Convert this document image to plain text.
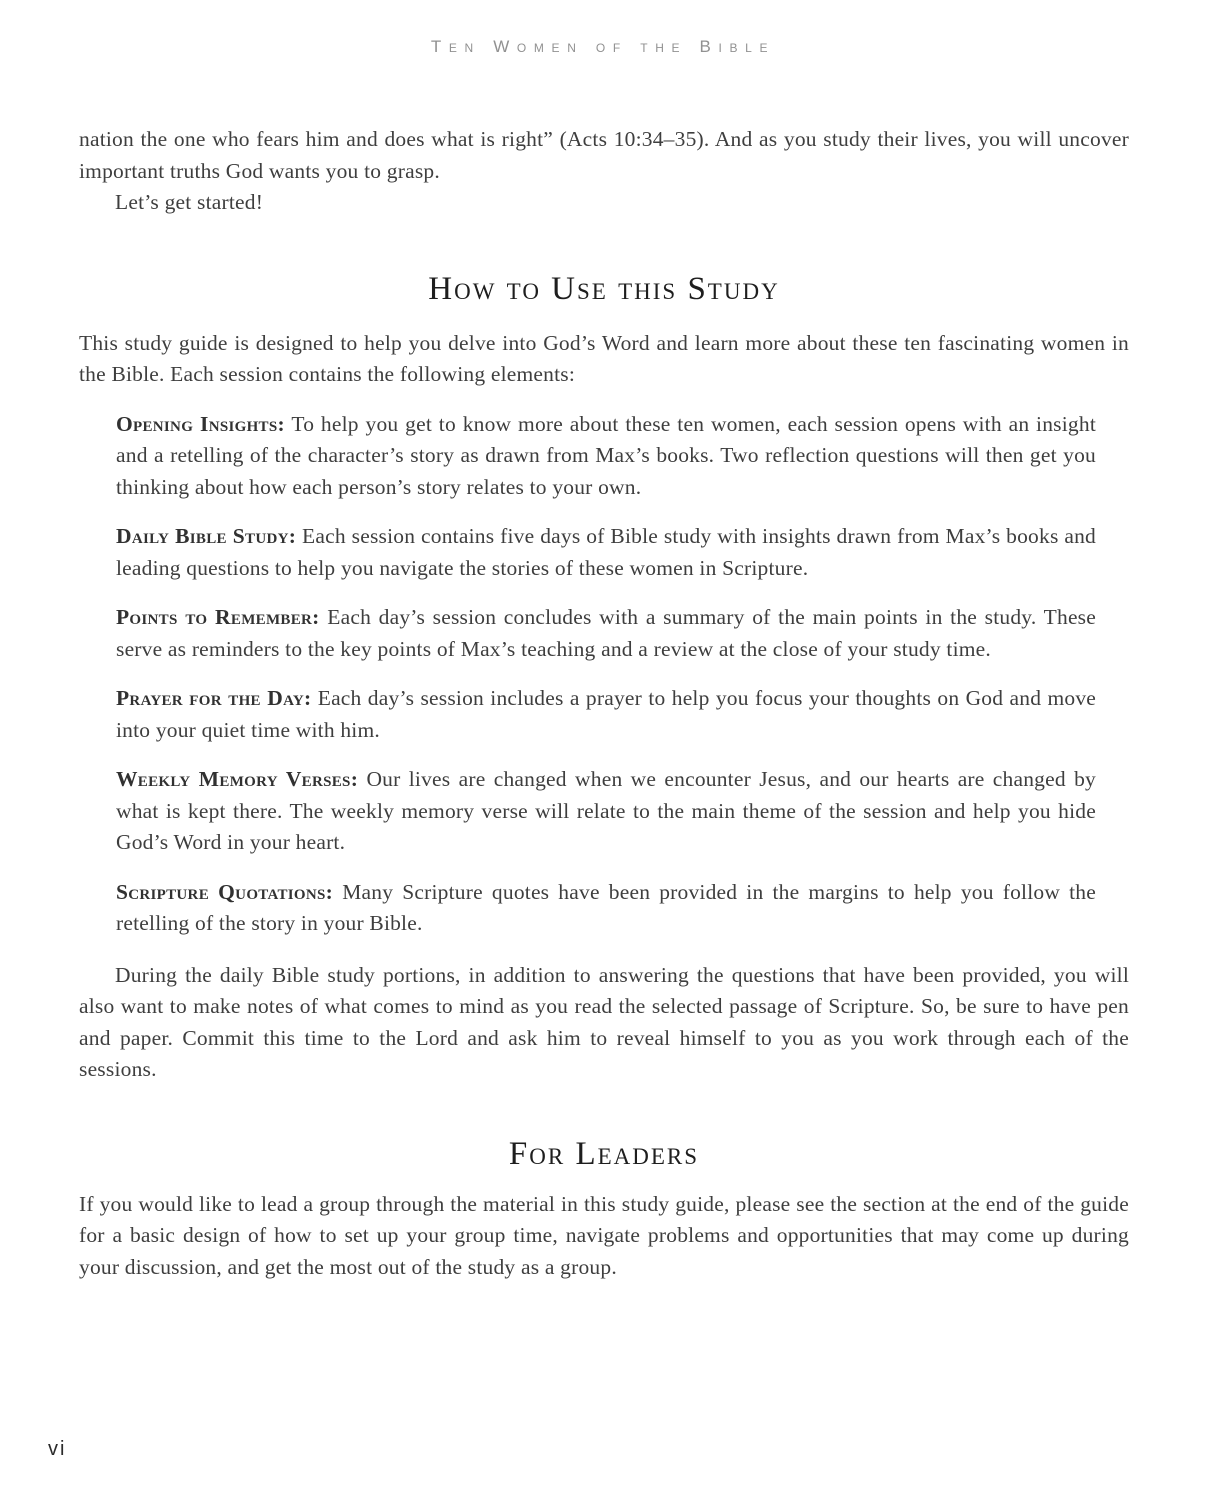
Ten Women of the Bible

nation the one who fears him and does what is right” (Acts 10:34–35). And as you study their lives, you will uncover important truths God wants you to grasp.

Let’s get started!

How to Use this Study

This study guide is designed to help you delve into God’s Word and learn more about these ten fascinating women in the Bible. Each session contains the following elements:

Opening Insights: To help you get to know more about these ten women, each session opens with an insight and a retelling of the character’s story as drawn from Max’s books. Two reflection questions will then get you thinking about how each person’s story relates to your own.

Daily Bible Study: Each session contains five days of Bible study with insights drawn from Max’s books and leading questions to help you navigate the stories of these women in Scripture.

Points to Remember: Each day’s session concludes with a summary of the main points in the study. These serve as reminders to the key points of Max’s teaching and a review at the close of your study time.

Prayer for the Day: Each day’s session includes a prayer to help you focus your thoughts on God and move into your quiet time with him.

Weekly Memory Verses: Our lives are changed when we encounter Jesus, and our hearts are changed by what is kept there. The weekly memory verse will relate to the main theme of the session and help you hide God’s Word in your heart.

Scripture Quotations: Many Scripture quotes have been provided in the margins to help you follow the retelling of the story in your Bible.

During the daily Bible study portions, in addition to answering the questions that have been provided, you will also want to make notes of what comes to mind as you read the selected passage of Scripture. So, be sure to have pen and paper. Commit this time to the Lord and ask him to reveal himself to you as you work through each of the sessions.

For Leaders

If you would like to lead a group through the material in this study guide, please see the section at the end of the guide for a basic design of how to set up your group time, navigate problems and opportunities that may come up during your discussion, and get the most out of the study as a group.

vi
